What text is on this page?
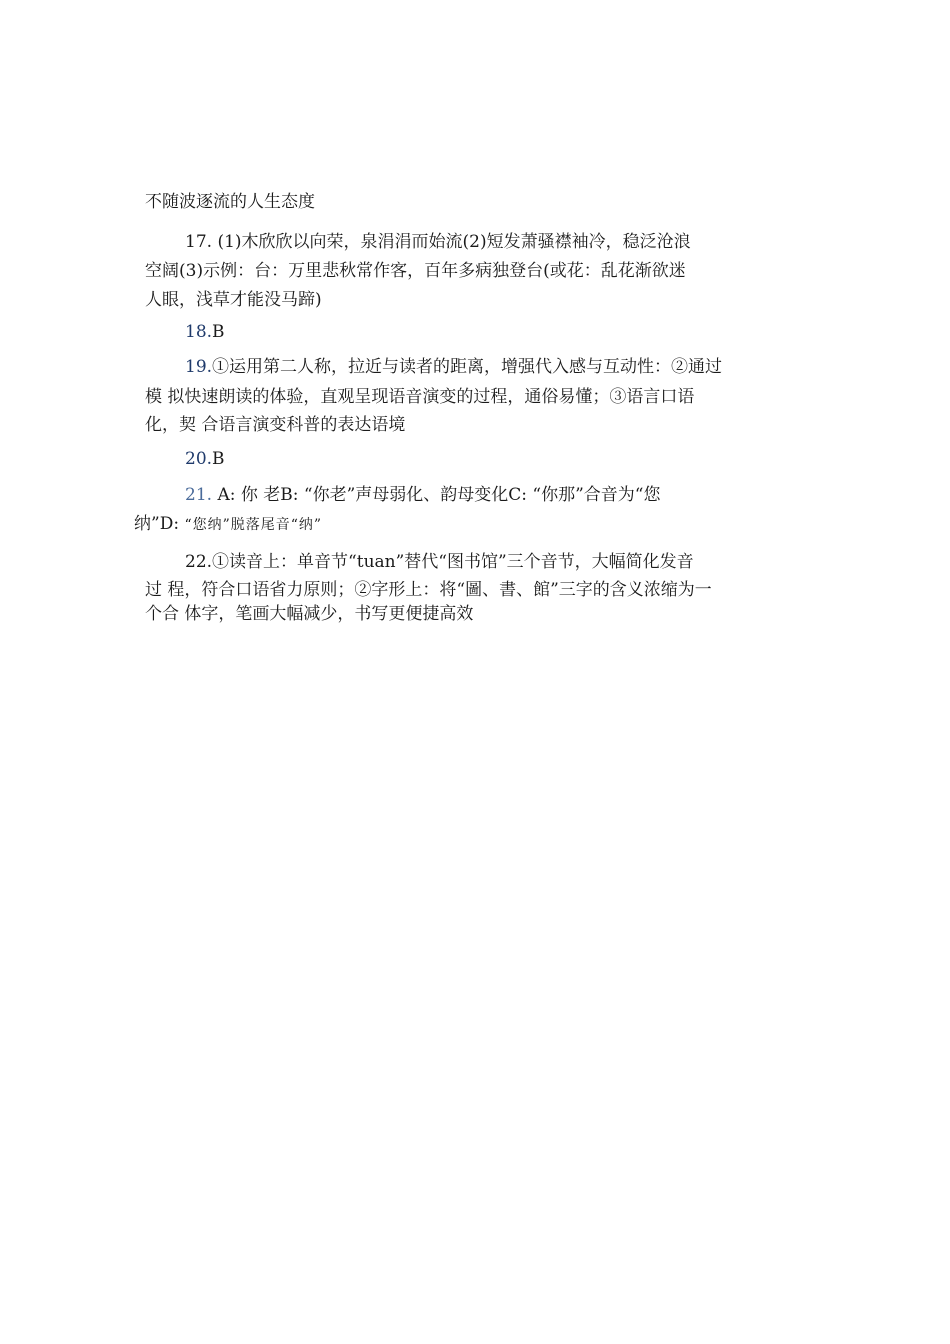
不随波逐流的人生态度
17. (1)木欣欣以向荣，泉涓涓而始流(2)短发萧骚襟袖冷，稳泛沧浪
空阔(3)示例：台：万里悲秋常作客，百年多病独登台(或花：乱花渐欲迷
人眼，浅草才能没马蹄)
18.B
19.①运用第二人称，拉近与读者的距离，增强代入感与互动性：②通过
模 拟快速朗读的体验，直观呈现语音演变的过程，通俗易懂；③语言口语
化，契 合语言演变科普的表达语境
20.B
21. A: 你 老B: “你老”声母弱化、韵母变化C: “你那”合音为“您
纳”D: “您纳”脱落尾音“纳”
22.①读音上：单音节“tuan”替代“图书馆”三个音节，大幅简化发音
过 程，符合口语省力原则；②字形上：将“圖、書、館”三字的含义浓缩为一
个合 体字，笔画大幅减少，书写更便捷高效
